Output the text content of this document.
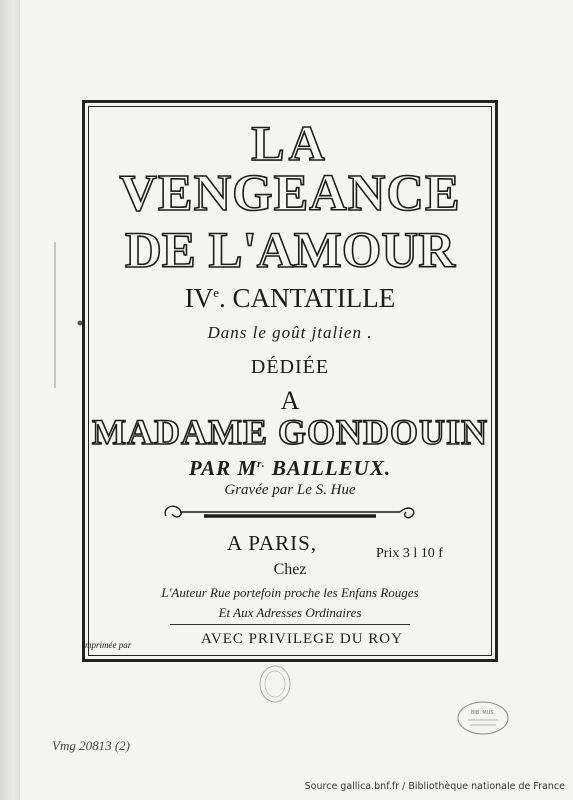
LA
VENGEANCE
DE L'AMOUR
IVe. CANTATILLE
Dans le goût jtalien .
DÉDIÉE
A
MADAME GONDOUIN
PAR $M^{r.}$ BAILLEUX.
Gravée par Le S. Hue
A PARIS,	Prix 3 l 10 f
Chez
L'Auteur Rue portefoin proche les Enfans Rouges
Et Aux Adresses Ordinaires
AVEC PRIVILEGE DU ROY
Imprimée par
BIB. MUS.
Vmg 20813 (2)
Source gallica.bnf.fr / Bibliothèque nationale de France
